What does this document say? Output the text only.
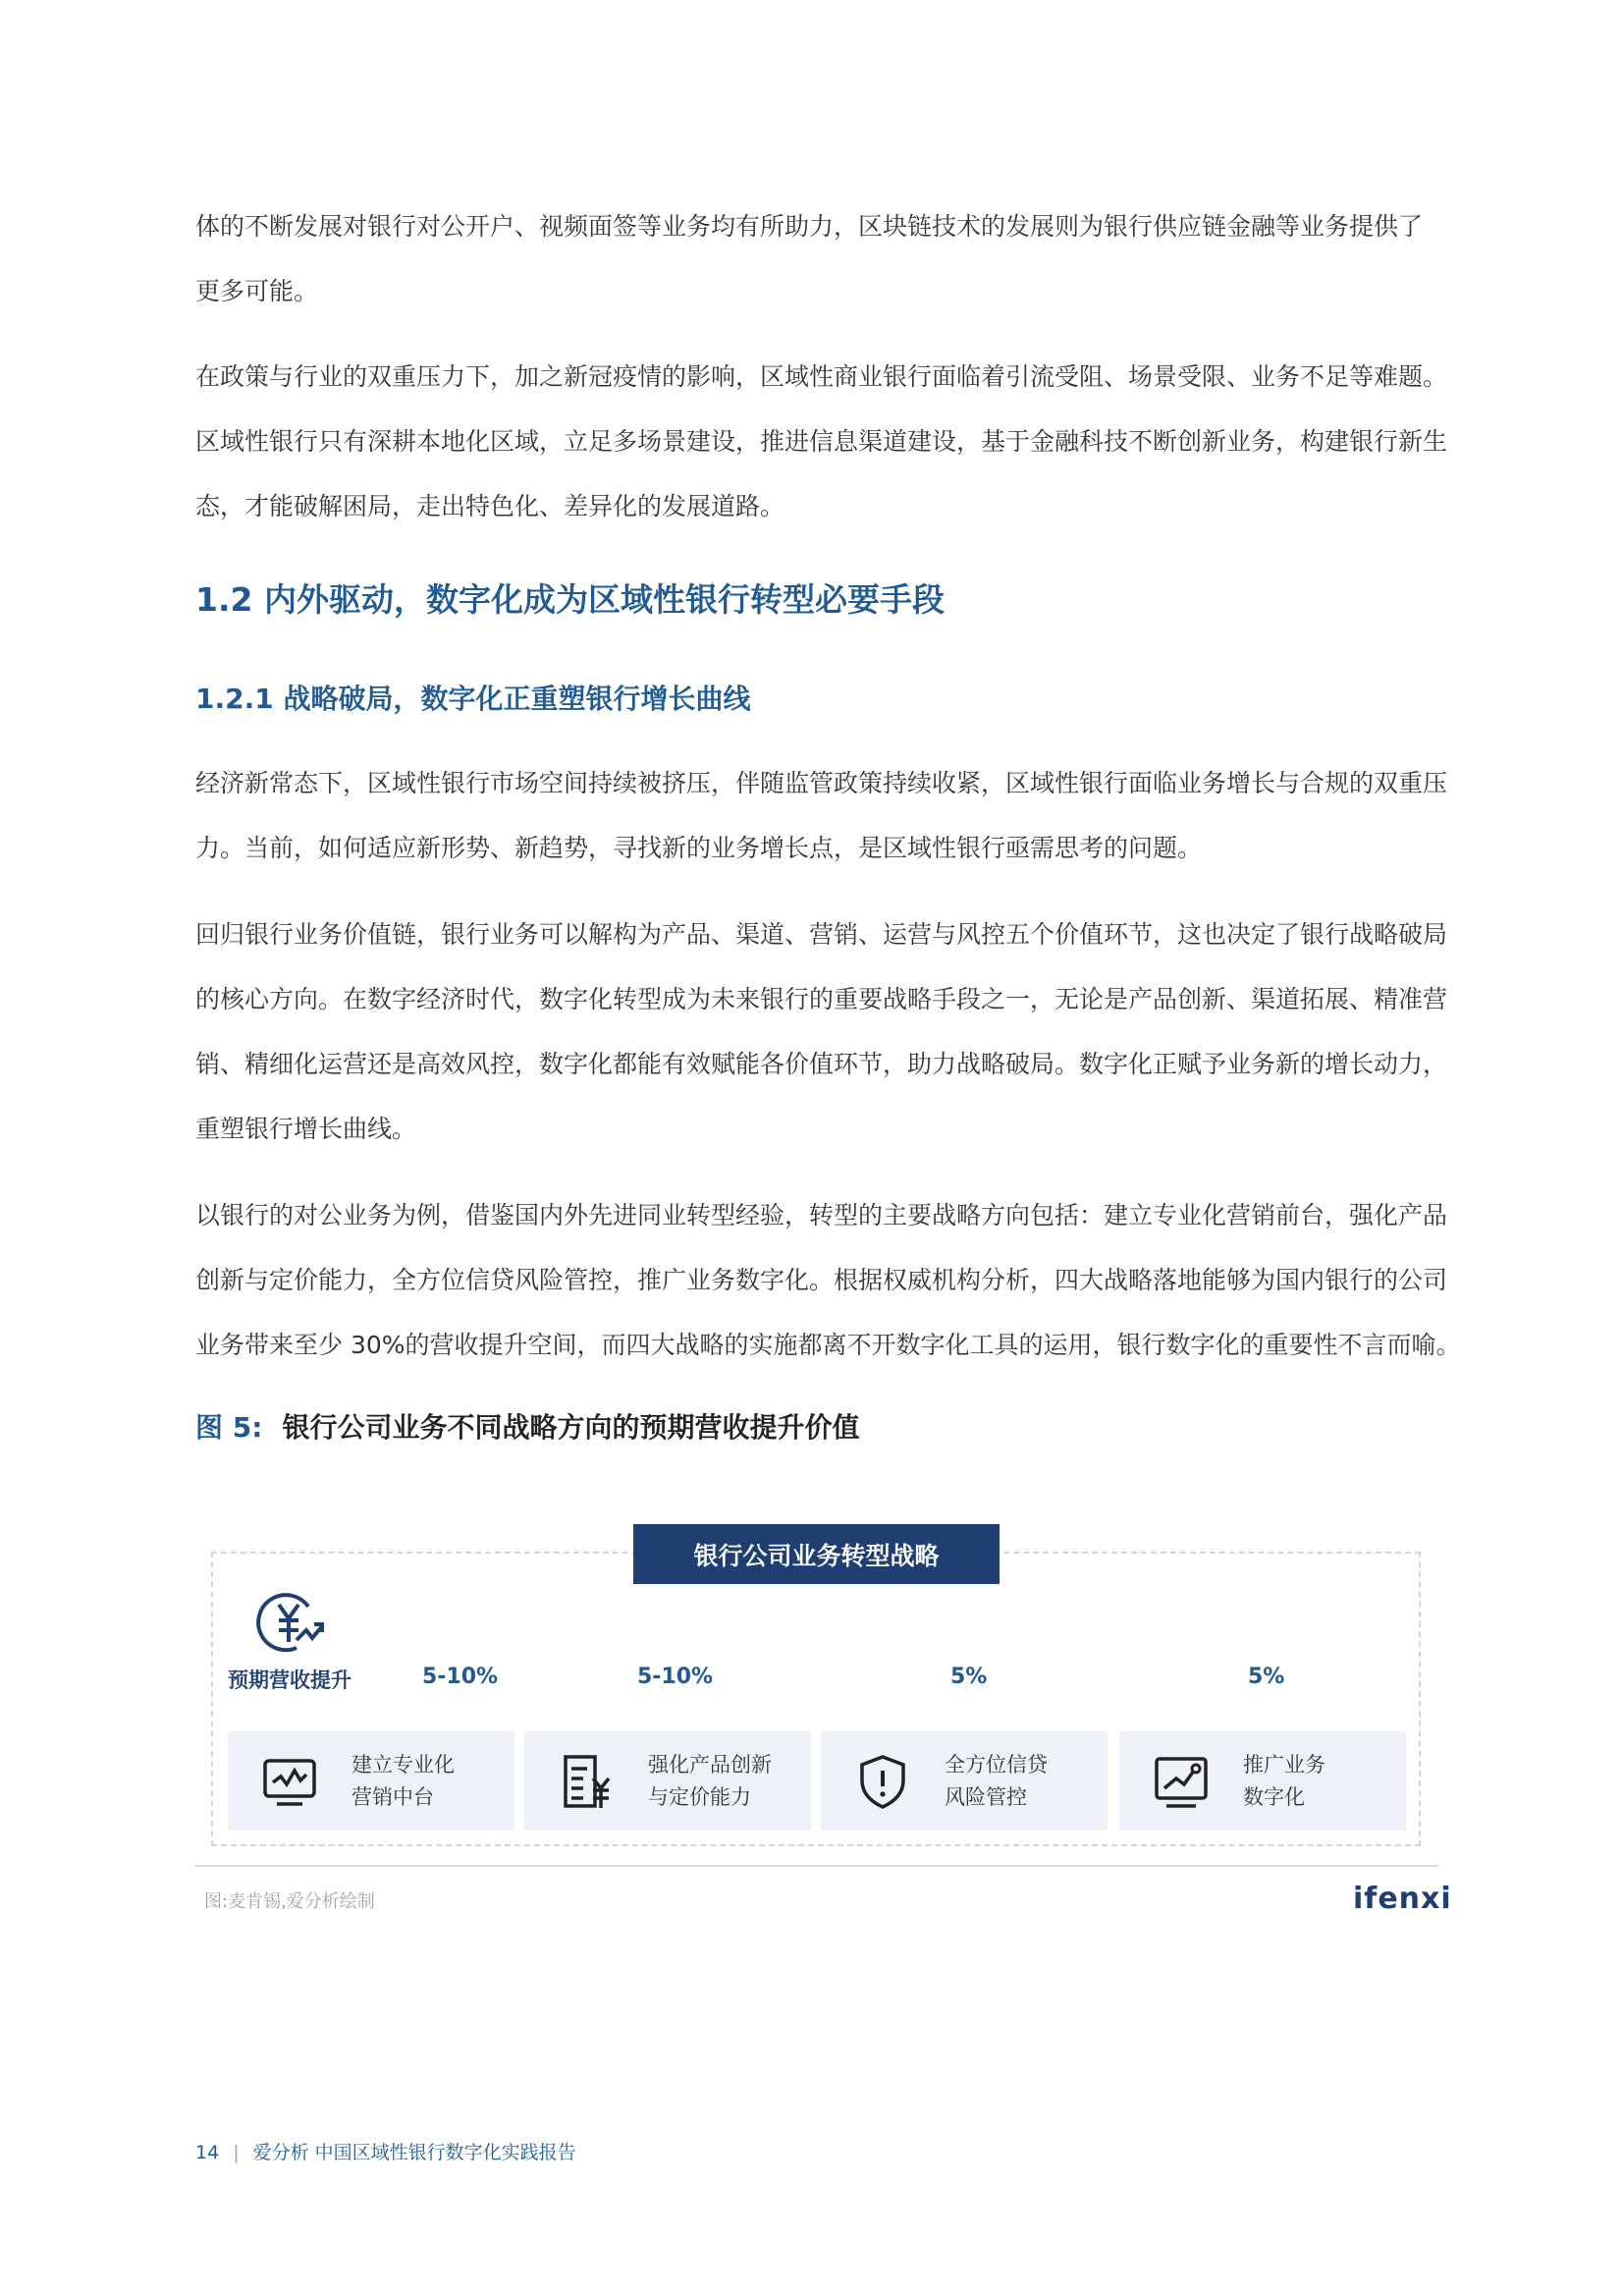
体的不断发展对银行对公开户、视频面签等业务均有所助力，区块链技术的发展则为银行供应链金融等业务提供了
更多可能。
在政策与行业的双重压力下，加之新冠疫情的影响，区域性商业银行面临着引流受阻、场景受限、业务不足等难题。
区域性银行只有深耕本地化区域，立足多场景建设，推进信息渠道建设，基于金融科技不断创新业务，构建银行新生
态，才能破解困局，走出特色化、差异化的发展道路。
1.2 内外驱动，数字化成为区域性银行转型必要手段
1.2.1 战略破局，数字化正重塑银行增长曲线
经济新常态下，区域性银行市场空间持续被挤压，伴随监管政策持续收紧，区域性银行面临业务增长与合规的双重压
力。当前，如何适应新形势、新趋势，寻找新的业务增长点，是区域性银行亟需思考的问题。
回归银行业务价值链，银行业务可以解构为产品、渠道、营销、运营与风控五个价值环节，这也决定了银行战略破局
的核心方向。在数字经济时代，数字化转型成为未来银行的重要战略手段之一，无论是产品创新、渠道拓展、精准营
销、精细化运营还是高效风控，数字化都能有效赋能各价值环节，助力战略破局。数字化正赋予业务新的增长动力，
重塑银行增长曲线。
以银行的对公业务为例，借鉴国内外先进同业转型经验，转型的主要战略方向包括：建立专业化营销前台，强化产品
创新与定价能力，全方位信贷风险管控，推广业务数字化。根据权威机构分析，四大战略落地能够为国内银行的公司
业务带来至少 30%的营收提升空间，而四大战略的实施都离不开数字化工具的运用，银行数字化的重要性不言而喻。
图 5: 银行公司业务不同战略方向的预期营收提升价值
银行公司业务转型战略
预期营收提升	5-10%	5-10%	5%	5%
建立专业化
营销中台
强化产品创新
与定价能力
全方位信贷
风险管控
推广业务
数字化
图:麦肯锡,爱分析绘制	ifenxi
14 | 爱分析 中国区域性银行数字化实践报告
